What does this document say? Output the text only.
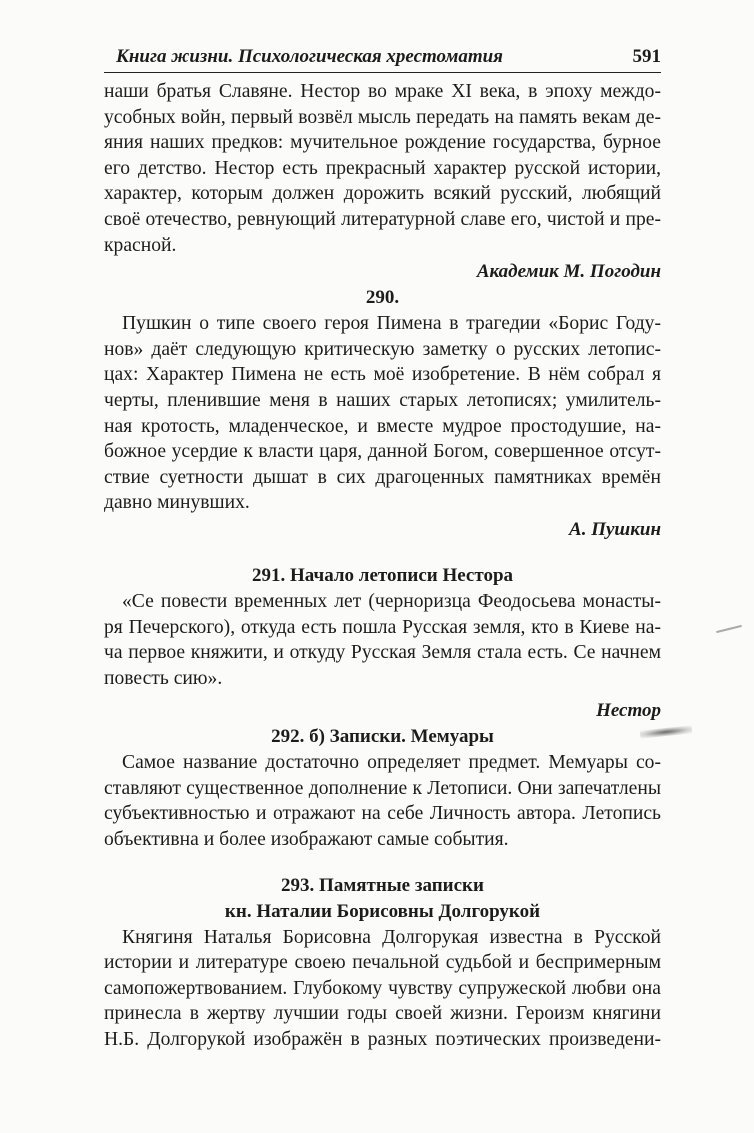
Книга жизни. Психологическая хрестоматия	591
наши братья Славяне. Нестор во мраке XI века, в эпоху междо-
усобных войн, первый возвёл мысль передать на память векам де-
яния наших предков: мучительное рождение государства, бурное
его детство. Нестор есть прекрасный характер русской истории,
характер, которым должен дорожить всякий русский, любящий
своё отечество, ревнующий литературной славе его, чистой и пре-
красной.
Академик М. Погодин
290.
Пушкин о типе своего героя Пимена в трагедии «Борис Году-
нов» даёт следующую критическую заметку о русских летопис-
цах: Характер Пимена не есть моё изобретение. В нём собрал я
черты, пленившие меня в наших старых летописях; умилитель-
ная кротость, младенческое, и вместе мудрое простодушие, на-
божное усердие к власти царя, данной Богом, совершенное отсут-
ствие суетности дышат в сих драгоценных памятниках времён
давно минувших.
А. Пушкин
291. Начало летописи Нестора
«Се повести временных лет (черноризца Феодосьева монасты-
ря Печерского), откуда есть пошла Русская земля, кто в Киеве на-
ча первое княжити, и откуду Русская Земля стала есть. Се начнем
повесть сию».
Нестор
292. б) Записки. Мемуары
Самое название достаточно определяет предмет. Мемуары со-
ставляют существенное дополнение к Летописи. Они запечатлены
субъективностью и отражают на себе Личность автора. Летопись
объективна и более изображают самые события.
293. Памятные записки
кн. Наталии Борисовны Долгорукой
Княгиня Наталья Борисовна Долгорукая известна в Русской
истории и литературе своею печальной судьбой и беспримерным
самопожертвованием. Глубокому чувству супружеской любви она
принесла в жертву лучшии годы своей жизни. Героизм княгини
Н.Б. Долгорукой изображён в разных поэтических произведени-
